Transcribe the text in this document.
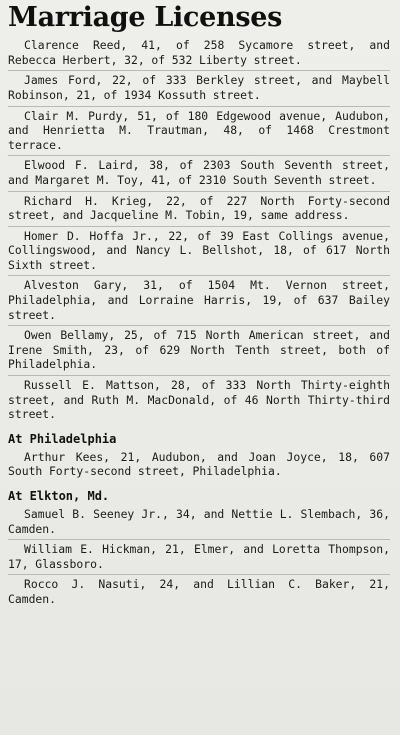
Marriage Licenses
Clarence Reed, 41, of 258 Sycamore street, and Rebecca Herbert, 32, of 532 Liberty street.
James Ford, 22, of 333 Berkley street, and Maybell Robinson, 21, of 1934 Kossuth street.
Clair M. Purdy, 51, of 180 Edgewood avenue, Audubon, and Henrietta M. Trautman, 48, of 1468 Crestmont terrace.
Elwood F. Laird, 38, of 2303 South Seventh street, and Margaret M. Toy, 41, of 2310 South Seventh street.
Richard H. Krieg, 22, of 227 North Forty-second street, and Jacqueline M. Tobin, 19, same address.
Homer D. Hoffa Jr., 22, of 39 East Collings avenue, Collingswood, and Nancy L. Bellshot, 18, of 617 North Sixth street.
Alveston Gary, 31, of 1504 Mt. Vernon street, Philadelphia, and Lorraine Harris, 19, of 637 Bailey street.
Owen Bellamy, 25, of 715 North American street, and Irene Smith, 23, of 629 North Tenth street, both of Philadelphia.
Russell E. Mattson, 28, of 333 North Thirty-eighth street, and Ruth M. MacDonald, of 46 North Thirty-third street.
At Philadelphia
Arthur Kees, 21, Audubon, and Joan Joyce, 18, 607 South Forty-second street, Philadelphia.
At Elkton, Md.
Samuel B. Seeney Jr., 34, and Nettie L. Slembach, 36, Camden.
William E. Hickman, 21, Elmer, and Loretta Thompson, 17, Glassboro.
Rocco J. Nasuti, 24, and Lillian C. Baker, 21, Camden.
